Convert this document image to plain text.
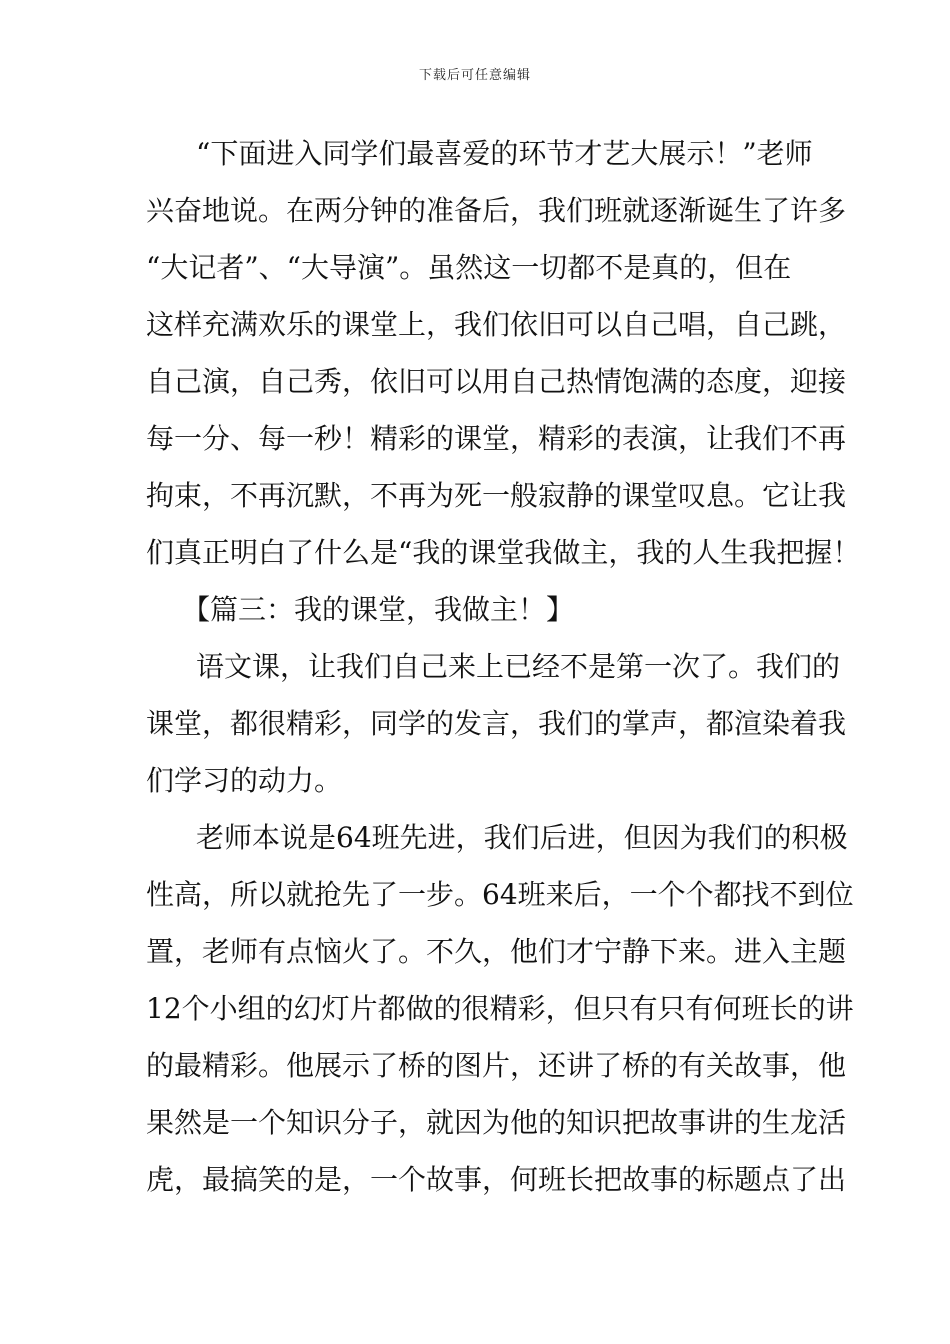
下载后可任意编辑
“下面进入同学们最喜爱的环节才艺大展示！”老师
兴奋地说。在两分钟的准备后，我们班就逐渐诞生了许多
“大记者”、“大导演”。虽然这一切都不是真的，但在
这样充满欢乐的课堂上，我们依旧可以自己唱，自己跳，
自己演，自己秀，依旧可以用自己热情饱满的态度，迎接
每一分、每一秒！精彩的课堂，精彩的表演，让我们不再
拘束，不再沉默，不再为死一般寂静的课堂叹息。它让我
们真正明白了什么是“我的课堂我做主，我的人生我把握！
【篇三：我的课堂，我做主！】
语文课，让我们自己来上已经不是第一次了。我们的
课堂，都很精彩，同学的发言，我们的掌声，都渲染着我
们学习的动力。
老师本说是64班先进，我们后进，但因为我们的积极
性高，所以就抢先了一步。64班来后，一个个都找不到位
置，老师有点恼火了。不久，他们才宁静下来。进入主题
12个小组的幻灯片都做的很精彩，但只有只有何班长的讲
的最精彩。他展示了桥的图片，还讲了桥的有关故事，他
果然是一个知识分子，就因为他的知识把故事讲的生龙活
虎，最搞笑的是，一个故事，何班长把故事的标题点了出
